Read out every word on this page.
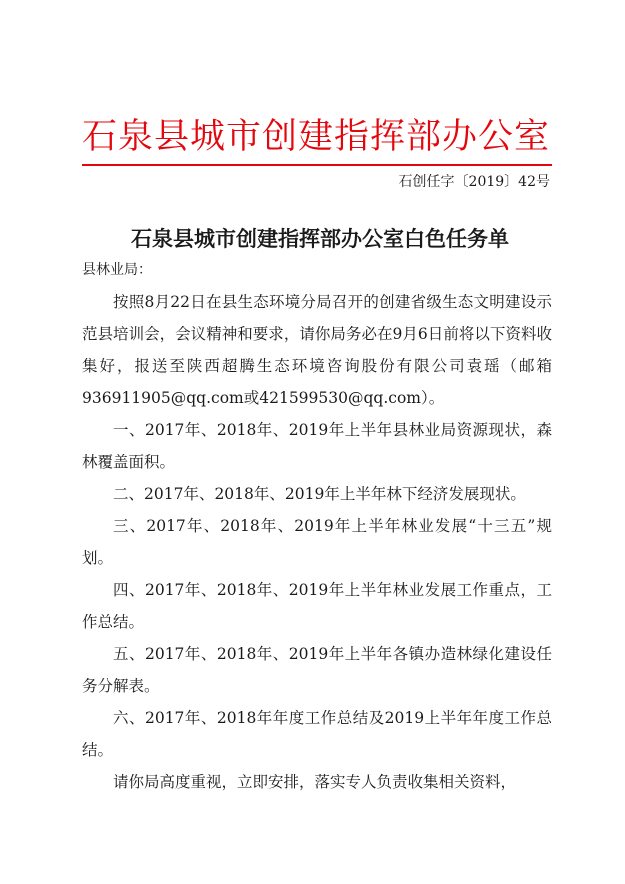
石泉县城市创建指挥部办公室
石创任字〔2019〕42号
石泉县城市创建指挥部办公室白色任务单
县林业局：

按照8月22日在县生态环境分局召开的创建省级生态文明建设示范县培训会，会议精神和要求，请你局务必在9月6日前将以下资料收集好，报送至陕西超腾生态环境咨询股份有限公司袁瑶（邮箱936911905@qq.com或421599530@qq.com）。

一、2017年、2018年、2019年上半年县林业局资源现状，森林覆盖面积。

二、2017年、2018年、2019年上半年林下经济发展现状。

三、2017年、2018年、2019年上半年林业发展“十三五”规划。

四、2017年、2018年、2019年上半年林业发展工作重点，工作总结。

五、2017年、2018年、2019年上半年各镇办造林绿化建设任务分解表。

六、2017年、2018年年度工作总结及2019上半年年度工作总结。

请你局高度重视，立即安排，落实专人负责收集相关资料，
